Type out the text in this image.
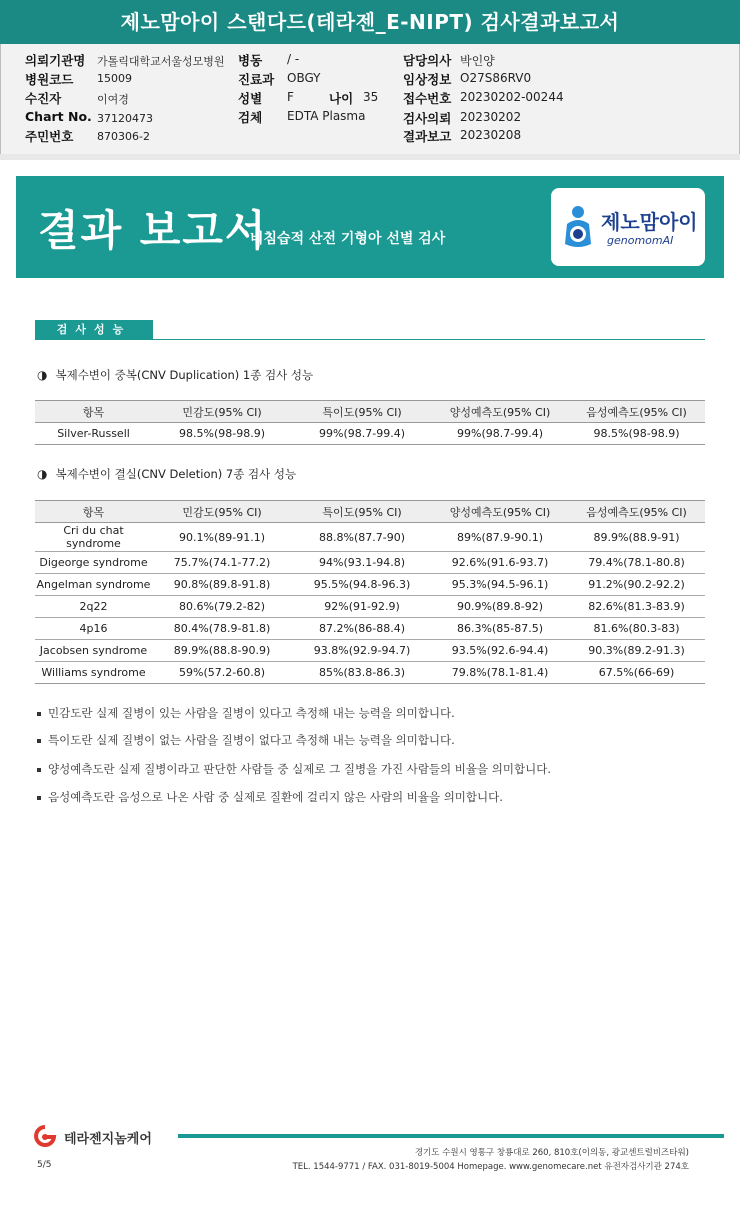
제노맘아이 스탠다드(테라젠_E-NIPT) 검사결과보고서
의뢰기관명 가톨릭대학교서울성모병원
병원코드 15009
수진자	이여경
Chart No. 37120473
주민번호 870306-2
병동 / -
진료과 OBGY
성별 F	나이 35
검체 EDTA Plasma
담당의사 박인양
임상정보 O27S86RV0
접수번호 20230202-00244
검사의뢰 20230202
결과보고 20230208
결과 보고서
비침습적 산전 기형아 선별 검사
제노맘아이
genomomAI
검사성능
◑ 복제수변이 중복(CNV Duplication) 1종 검사 성능
항목	민감도(95% CI)	특이도(95% CI)	양성예측도(95% CI)	음성예측도(95% CI)
Silver-Russell	98.5%(98-98.9)	99%(98.7-99.4)	99%(98.7-99.4)	98.5%(98-98.9)
◑ 복제수변이 결실(CNV Deletion) 7종 검사 성능
항목	민감도(95% CI)	특이도(95% CI)	양성예측도(95% CI)	음성예측도(95% CI)
Cri du chat syndrome	90.1%(89-91.1)	88.8%(87.7-90)	89%(87.9-90.1)	89.9%(88.9-91)
Digeorge syndrome	75.7%(74.1-77.2)	94%(93.1-94.8)	92.6%(91.6-93.7)	79.4%(78.1-80.8)
Angelman syndrome	90.8%(89.8-91.8)	95.5%(94.8-96.3)	95.3%(94.5-96.1)	91.2%(90.2-92.2)
2q22	80.6%(79.2-82)	92%(91-92.9)	90.9%(89.8-92)	82.6%(81.3-83.9)
4p16	80.4%(78.9-81.8)	87.2%(86-88.4)	86.3%(85-87.5)	81.6%(80.3-83)
Jacobsen syndrome	89.9%(88.8-90.9)	93.8%(92.9-94.7)	93.5%(92.6-94.4)	90.3%(89.2-91.3)
Williams syndrome	59%(57.2-60.8)	85%(83.8-86.3)	79.8%(78.1-81.4)	67.5%(66-69)
민감도란 실제 질병이 있는 사람을 질병이 있다고 측정해 내는 능력을 의미합니다.
특이도란 실제 질병이 없는 사람을 질병이 없다고 측정해 내는 능력을 의미합니다.
양성예측도란 실제 질병이라고 판단한 사람들 중 실제로 그 질병을 가진 사람들의 비율을 의미합니다.
음성예측도란 음성으로 나온 사람 중 실제로 질환에 걸리지 않은 사람의 비율을 의미합니다.
테라젠지놈케어
5/5
경기도 수원시 영통구 창룡대로 260, 810호(이의동, 광교센트럴비즈타워)
TEL. 1544-9771 / FAX. 031-8019-5004 Homepage. www.genomecare.net 유전자검사기관 274호
